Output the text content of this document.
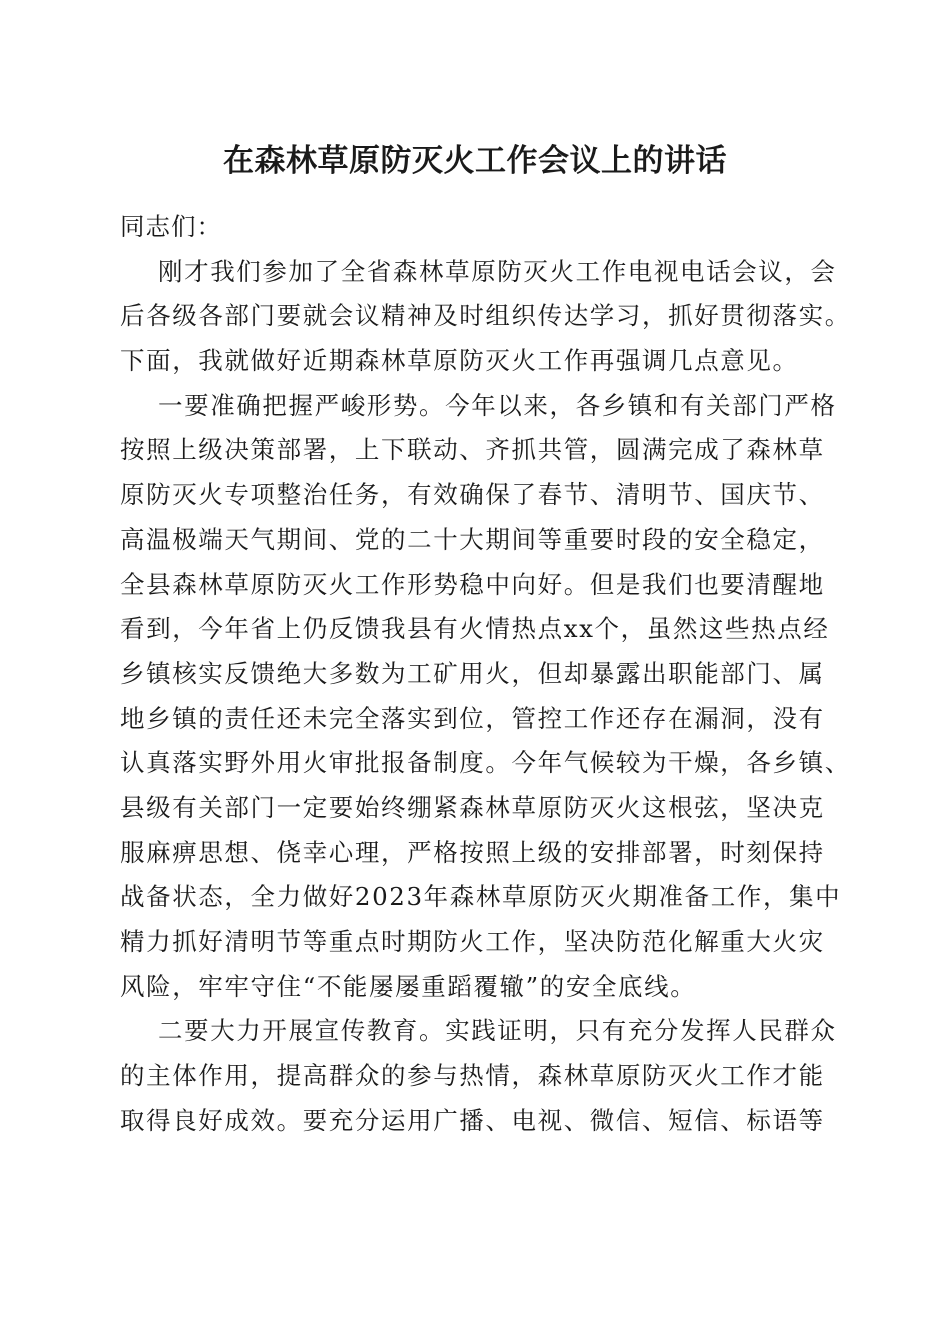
在森林草原防灭火工作会议上的讲话

同志们：

刚才我们参加了全省森林草原防灭火工作电视电话会议，会

后各级各部门要就会议精神及时组织传达学习，抓好贯彻落实。

下面，我就做好近期森林草原防灭火工作再强调几点意见。

一要准确把握严峻形势。今年以来，各乡镇和有关部门严格

按照上级决策部署，上下联动、齐抓共管，圆满完成了森林草

原防灭火专项整治任务，有效确保了春节、清明节、国庆节、

高温极端天气期间、党的二十大期间等重要时段的安全稳定，

全县森林草原防灭火工作形势稳中向好。但是我们也要清醒地

看到，今年省上仍反馈我县有火情热点xx个，虽然这些热点经

乡镇核实反馈绝大多数为工矿用火，但却暴露出职能部门、属

地乡镇的责任还未完全落实到位，管控工作还存在漏洞，没有

认真落实野外用火审批报备制度。今年气候较为干燥，各乡镇、

县级有关部门一定要始终绷紧森林草原防灭火这根弦，坚决克

服麻痹思想、侥幸心理，严格按照上级的安排部署，时刻保持

战备状态，全力做好2023年森林草原防灭火期准备工作，集中

精力抓好清明节等重点时期防火工作，坚决防范化解重大火灾

风险，牢牢守住“不能屡屡重蹈覆辙”的安全底线。

二要大力开展宣传教育。实践证明，只有充分发挥人民群众

的主体作用，提高群众的参与热情，森林草原防灭火工作才能

取得良好成效。要充分运用广播、电视、微信、短信、标语等
